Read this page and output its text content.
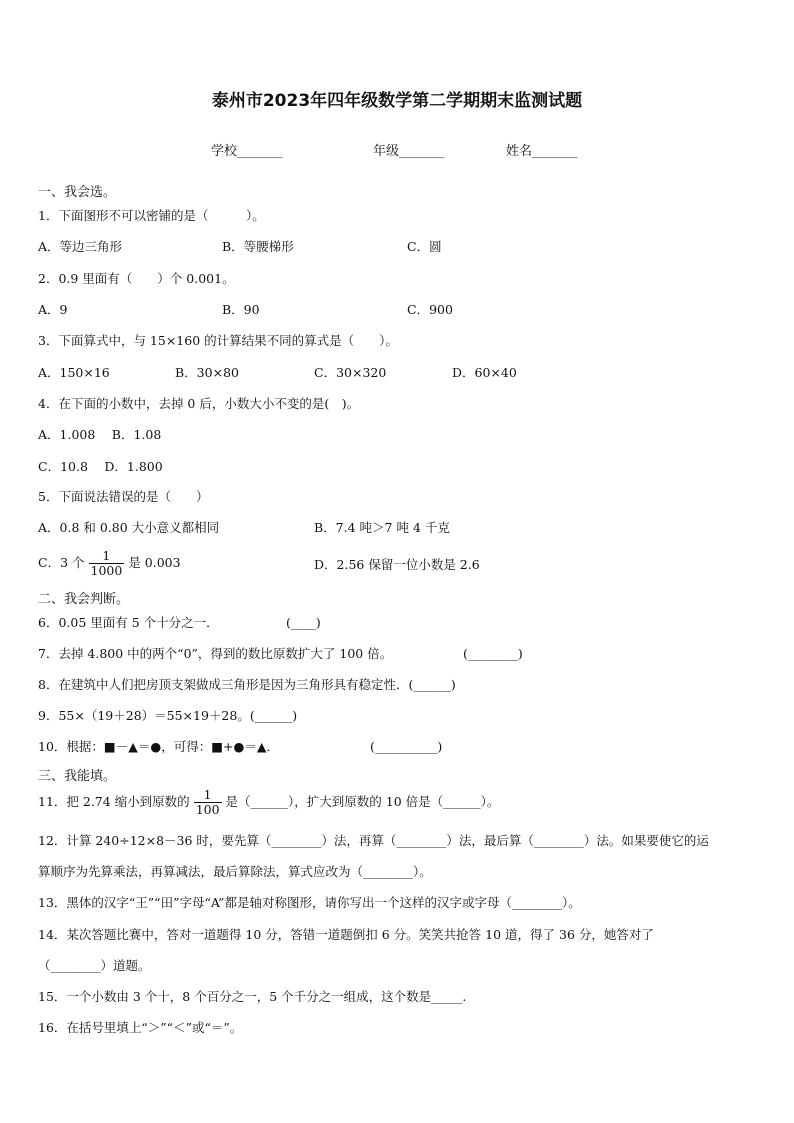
泰州市2023年四年级数学第二学期期末监测试题
学校_______	年级_______	姓名_______
一、我会选。
1．下面图形不可以密铺的是（　　　）。
A．等边三角形	B．等腰梯形	C．圆
2．0.9 里面有（　　）个 0.001。
A．9	B．90	C．900
3．下面算式中，与 15×160 的计算结果不同的算式是（　　）。
A．150×16	B．30×80	C．30×320	D．60×40
4．在下面的小数中，去掉 0 后，小数大小不变的是(　)。
A．1.008　 B．1.08
C．10.8　 D．1.800
5．下面说法错误的是（　　）
A．0.8 和 0.80 大小意义都相同	B．7.4 吨＞7 吨 4 千克
C．3 个 $\frac{1}{1000}$ 是 0.003	D．2.56 保留一位小数是 2.6
二、我会判断。
6．0.05 里面有 5 个十分之一．	(____)
7．去掉 4.800 中的两个“0”，得到的数比原数扩大了 100 倍。	(________)
8．在建筑中人们把房顶支架做成三角形是因为三角形具有稳定性．(______)
9．55×（19＋28）＝55×19＋28。(______)
10．根据：■－▲＝●，可得：■+●＝▲．	(__________)
三、我能填。
11．把 2.74 缩小到原数的 $\frac{1}{100}$ 是（______），扩大到原数的 10 倍是（______）。
12．计算 240÷12×8－36 时，要先算（________）法，再算（________）法，最后算（________）法。如果要使它的运
算顺序为先算乘法，再算减法，最后算除法，算式应改为（________）。
13．黑体的汉字“王”“田”字母“A”都是轴对称图形，请你写出一个这样的汉字或字母（________）。
14．某次答题比赛中，答对一道题得 10 分，答错一道题倒扣 6 分。笑笑共抢答 10 道，得了 36 分，她答对了
（________）道题。
15．一个小数由 3 个十，8 个百分之一，5 个千分之一组成，这个数是_____.
16．在括号里填上“＞”“＜”或“＝”。
